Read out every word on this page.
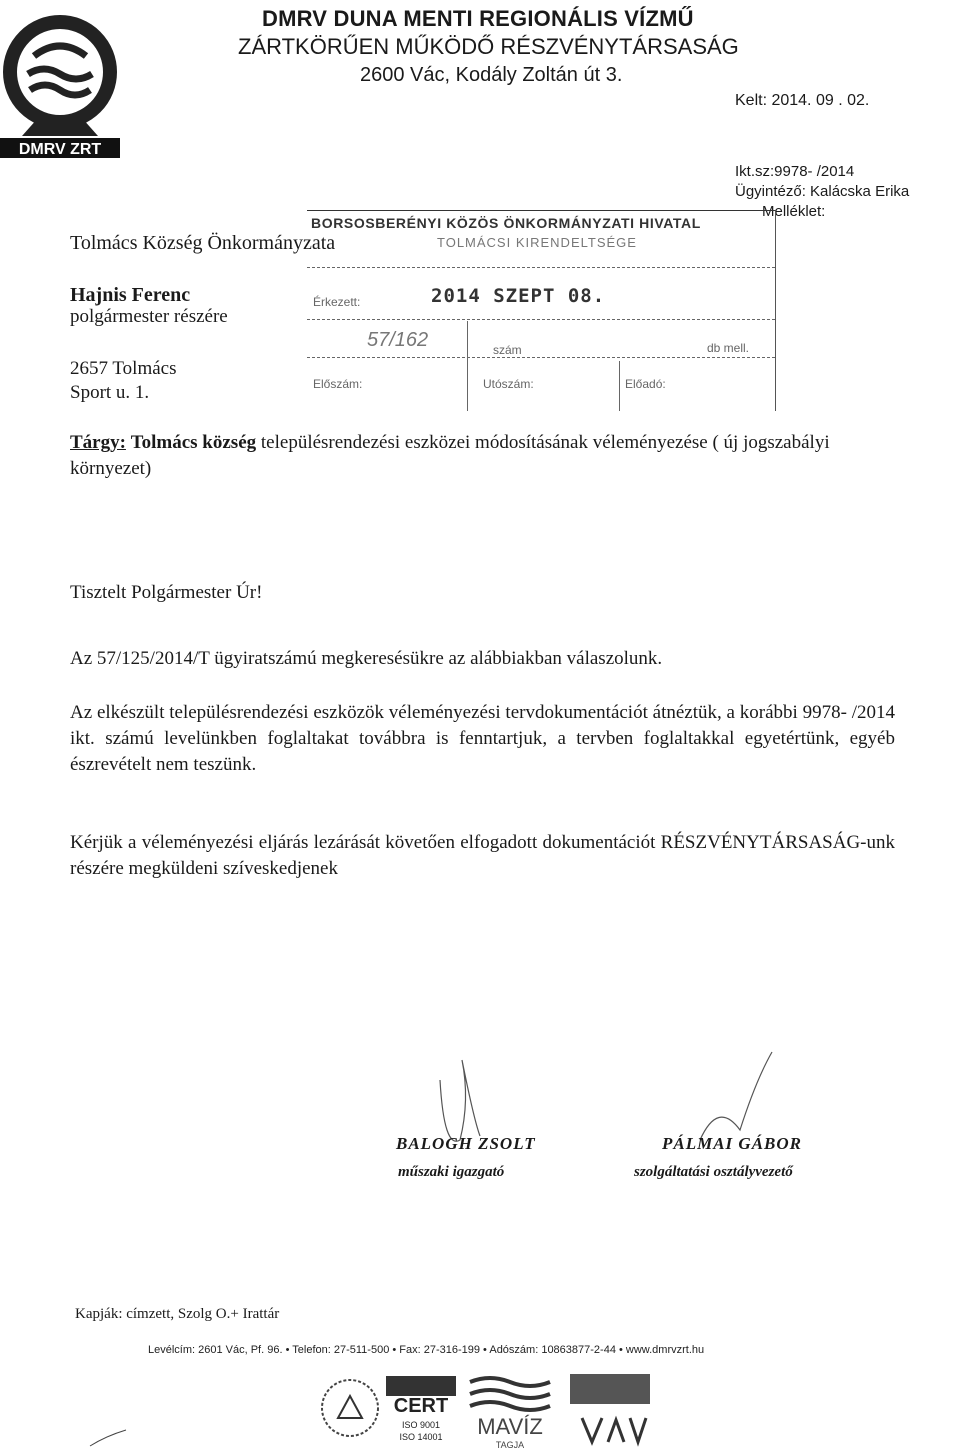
DMRV ZRT
DMRV DUNA MENTI REGIONÁLIS VÍZMŰ
ZÁRTKÖRŰEN MŰKÖDŐ RÉSZVÉNYTÁRSASÁG
2600 Vác, Kodály Zoltán út 3.
Kelt: 2014. 09 . 02.
Ikt.sz:9978- /2014
Ügyintéző: Kalácska Erika
Melléklet:
Tolmács Község Önkormányzata
Hajnis Ferenc
polgármester részére
2657 Tolmács
Sport u. 1.
BORSOSBERÉNYI KÖZÖS ÖNKORMÁNYZATI HIVATAL
TOLMÁCSI KIRENDELTSÉGE
Érkezett:	2014 SZEPT 08.
57/162	szám	db mell.
Előszám:	Utószám:	Előadó:
Tárgy: Tolmács község településrendezési eszközei módosításának véleményezése ( új jogszabályi környezet)
Tisztelt Polgármester Úr!
Az 57/125/2014/T ügyiratszámú megkeresésükre az alábbiakban válaszolunk.
Az elkészült településrendezési eszközök véleményezési tervdokumentációt átnéztük, a korábbi 9978- /2014 ikt. számú levelünkben foglaltakat továbbra is fenntartjuk, a tervben foglaltakkal egyetértünk, egyéb észrevételt nem teszünk.
Kérjük a véleményezési eljárás lezárását követően elfogadott dokumentációt RÉSZVÉNYTÁRSASÁG-unk részére megküldeni szíveskedjenek
BALOGH ZSOLT
műszaki igazgató
PÁLMAI GÁBOR
szolgáltatási osztályvezető
Kapják: címzett, Szolg O.+ Irattár
Levélcím: 2601 Vác, Pf. 96. • Telefon: 27-511-500 • Fax: 27-316-199 • Adószám: 10863877-2-44 • www.dmrvzrt.hu
CERT
ISO 9001
ISO 14001 MAVÍZ
TAGJA
